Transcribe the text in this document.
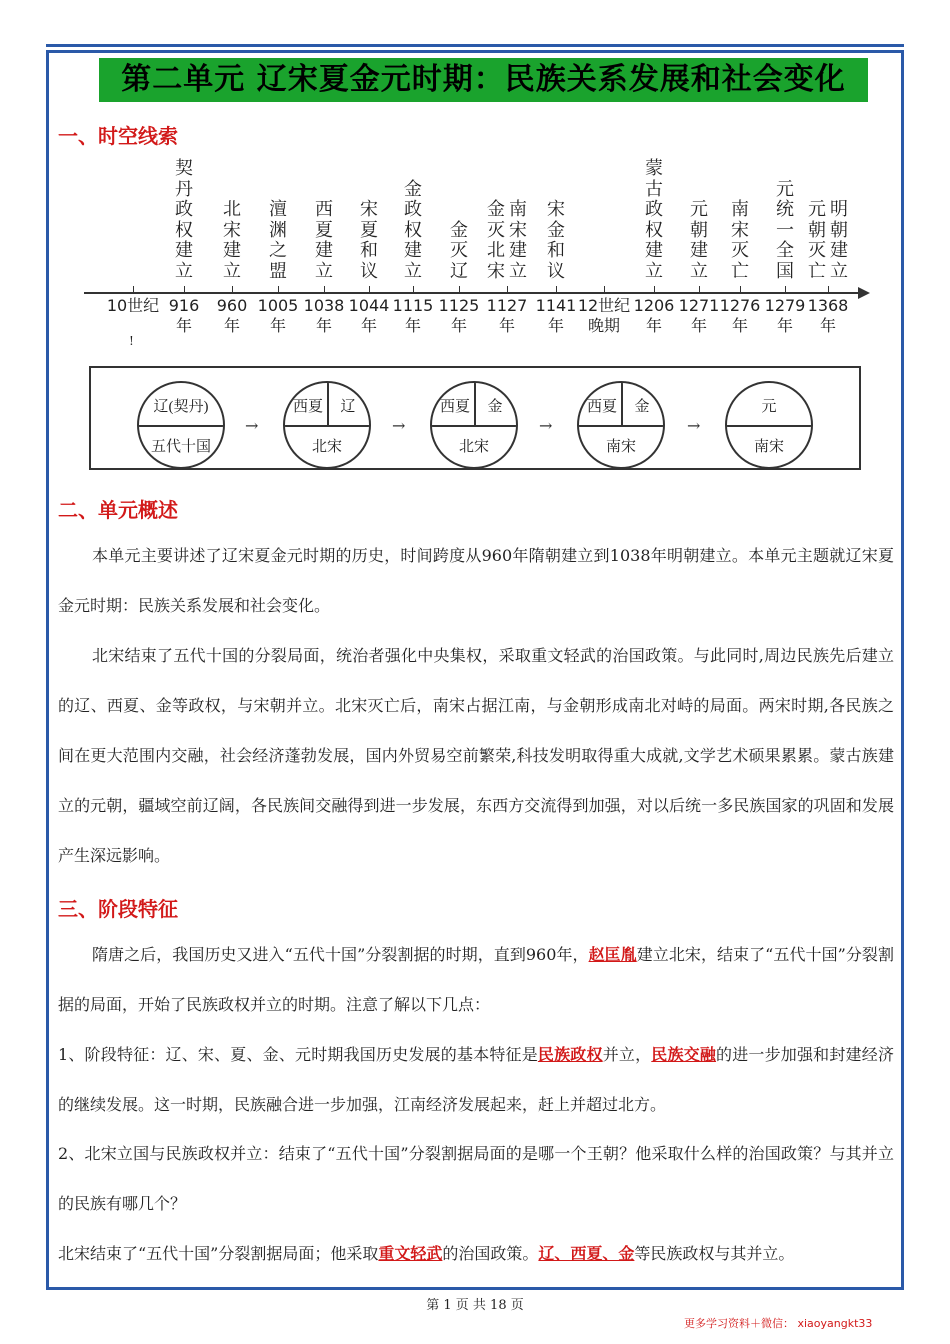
第二单元 辽宋夏金元时期：民族关系发展和社会变化
一、时空线索
!
10世纪 916
年
契
丹
政
权
建
立
960
年
北
宋
建
立
1005
年
澶
渊
之
盟
1038
年
西
夏
建
立
1044
年
宋
夏
和
议
1115
年
金
政
权
建
立
1125
年
金
灭
辽
1127
年
金
灭
北
宋
南
宋
建
立
1141
年
宋
金
和
议
12世纪
晚期
1206
年
蒙
古
政
权
建
立
1271
年
元
朝
建
立
1276
年
南
宋
灭
亡
1279
年
元
统
一
全
国
1368
年
元
朝
灭
亡
明
朝
建
立
辽(契丹)
五代十国
→
西夏	辽
北宋
→
西夏	金
北宋
→
西夏	金
南宋
→
元
南宋
二、单元概述
本单元主要讲述了辽宋夏金元时期的历史，时间跨度从960年隋朝建立到1038年明朝建立。本单元主题就辽宋夏金元时期：民族关系发展和社会变化。
北宋结束了五代十国的分裂局面，统治者强化中央集权，采取重文轻武的治国政策。与此同时,周边民族先后建立的辽、西夏、金等政权，与宋朝并立。北宋灭亡后，南宋占据江南，与金朝形成南北对峙的局面。两宋时期,各民族之间在更大范围内交融，社会经济蓬勃发展，国内外贸易空前繁荣,科技发明取得重大成就,文学艺术硕果累累。蒙古族建立的元朝，疆域空前辽阔，各民族间交融得到进一步发展，东西方交流得到加强，对以后统一多民族国家的巩固和发展产生深远影响。
三、阶段特征
隋唐之后，我国历史又进入“五代十国”分裂割据的时期，直到960年，赵匡胤建立北宋，结束了“五代十国”分裂割据的局面，开始了民族政权并立的时期。注意了解以下几点：
1、阶段特征：辽、宋、夏、金、元时期我国历史发展的基本特征是民族政权并立，民族交融的进一步加强和封建经济的继续发展。这一时期，民族融合进一步加强，江南经济发展起来，赶上并超过北方。
2、北宋立国与民族政权并立：结束了“五代十国”分裂割据局面的是哪一个王朝？他采取什么样的治国政策？与其并立的民族有哪几个？
北宋结束了“五代十国”分裂割据局面；他采取重文轻武的治国政策。辽、西夏、金等民族政权与其并立。
第 1 页 共 18 页
更多学习资料＋微信： xiaoyangkt33
